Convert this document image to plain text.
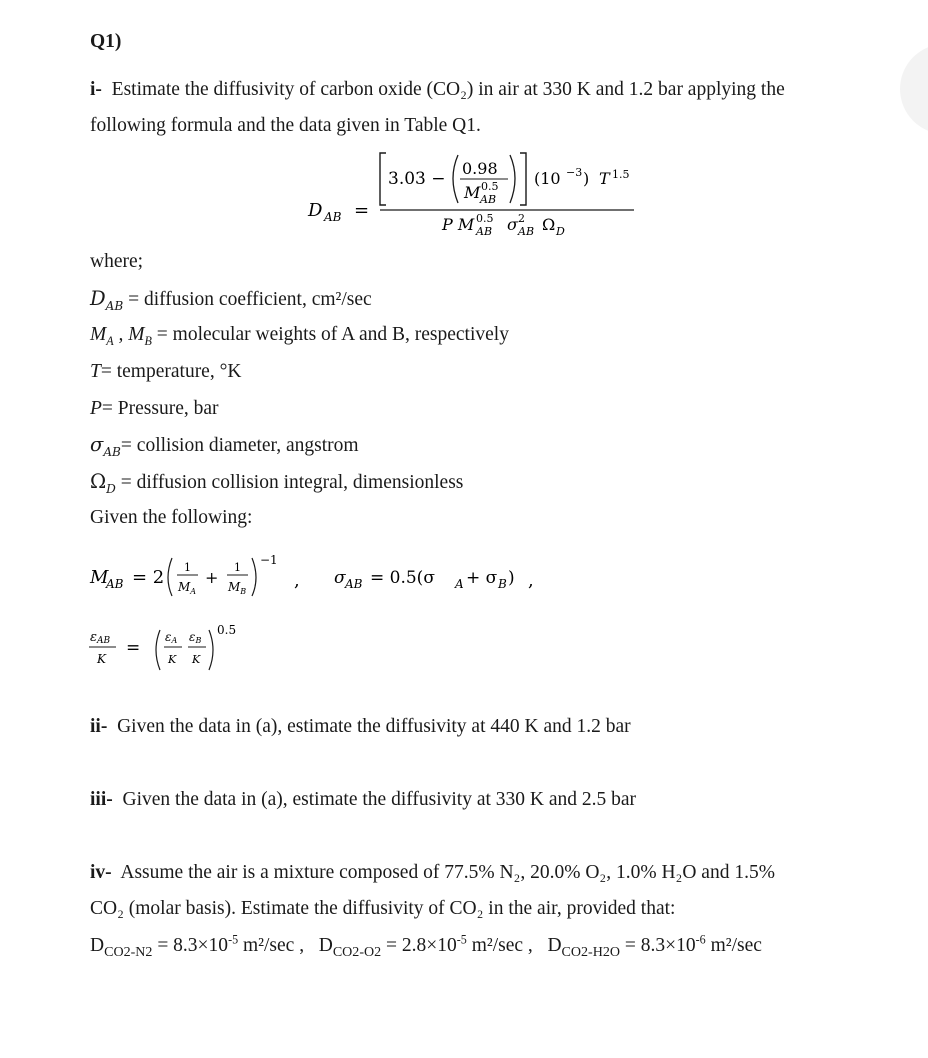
Q1)
i- Estimate the diffusivity of carbon oxide (CO₂) in air at 330 K and 1.2 bar applying the
following formula and the data given in Table Q1.
D AB =
3.03 −
0.98
M 0.5
AB
(10 −3 ) T 1.5
P M 0.5
AB σ 2
AB Ω D
where;
$D_{AB}$ = diffusion coefficient, cm²/sec
$M_A$ , $M_B$ = molecular weights of A and B, respectively
T= temperature, °K
P= Pressure, bar
$\sigma_{AB}=$ collision diameter, angstrom
$\Omega_D$ = diffusion collision integral, dimensionless
Given the following:
M
AB = 2 1
$M_A$
+
1
$M_B$
−1
, σ AB = 0.5(σ A + σ B ) ,
εAB
K
=
εA
K
εB
K
0.5
ii- Given the data in (a), estimate the diffusivity at 440 K and 1.2 bar
iii- Given the data in (a), estimate the diffusivity at 330 K and 2.5 bar
iv- Assume the air is a mixture composed of 77.5% N₂, 20.0% O₂, 1.0% H₂O and 1.5%
CO₂ (molar basis). Estimate the diffusivity of CO₂ in the air, provided that:
$D_{CO2-N2} = 8.3\times 10^{-5}$ m²/sec , $D_{CO2-O2} = 2.8\times 10^{-5}$ m²/sec , $D_{CO2-H2O} = 8.3\times 10^{-6}$ m²/sec
